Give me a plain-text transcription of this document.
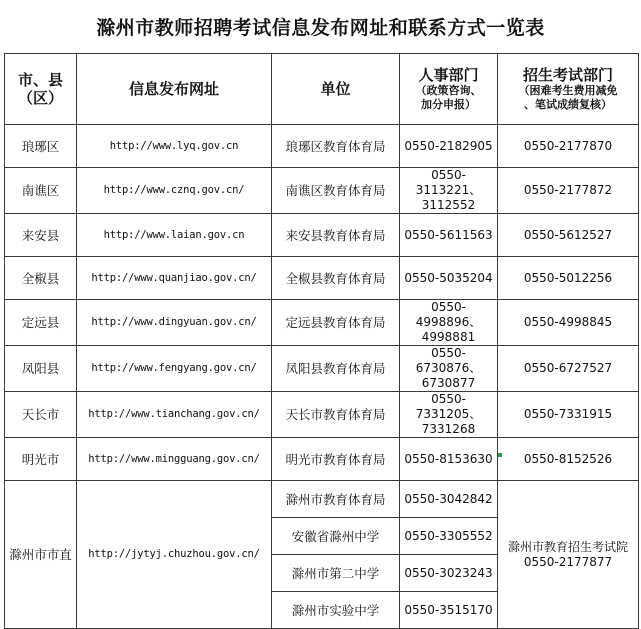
滁州市教师招聘考试信息发布网址和联系方式一览表
市、县
（区）	信息发布网址	单位	人事部门
（政策咨询、
加分申报）	招生考试部门
（困难考生费用减免
、笔试成绩复核）

琅琊区	http://www.lyq.gov.cn	琅琊区教育体育局	0550-2182905	0550-2177870
南谯区	http://www.cznq.gov.cn/	南谯区教育体育局	0550-3113221、
3112552	0550-2177872
来安县	http://www.laian.gov.cn	来安县教育体育局	0550-5611563	0550-5612527
全椒县	http://www.quanjiao.gov.cn/	全椒县教育体育局	0550-5035204	0550-5012256
定远县	http://www.dingyuan.gov.cn/	定远县教育体育局	0550-4998896、
4998881	0550-4998845
凤阳县	http://www.fengyang.gov.cn/	凤阳县教育体育局	0550-6730876、
6730877	0550-6727527
天长市	http://www.tianchang.gov.cn/	天长市教育体育局	0550-7331205、
7331268	0550-7331915
明光市	http://www.mingguang.gov.cn/	明光市教育体育局	0550-8153630	0550-8152526
滁州市市直	http://jytyj.chuzhou.gov.cn/	滁州市教育体育局	0550-3042842	滁州市教育招生考试院
0550-2177877

		安徽省滁州中学	0550-3305552	
		滁州市第二中学	0550-3023243	
		滁州市实验中学	0550-3515170	
